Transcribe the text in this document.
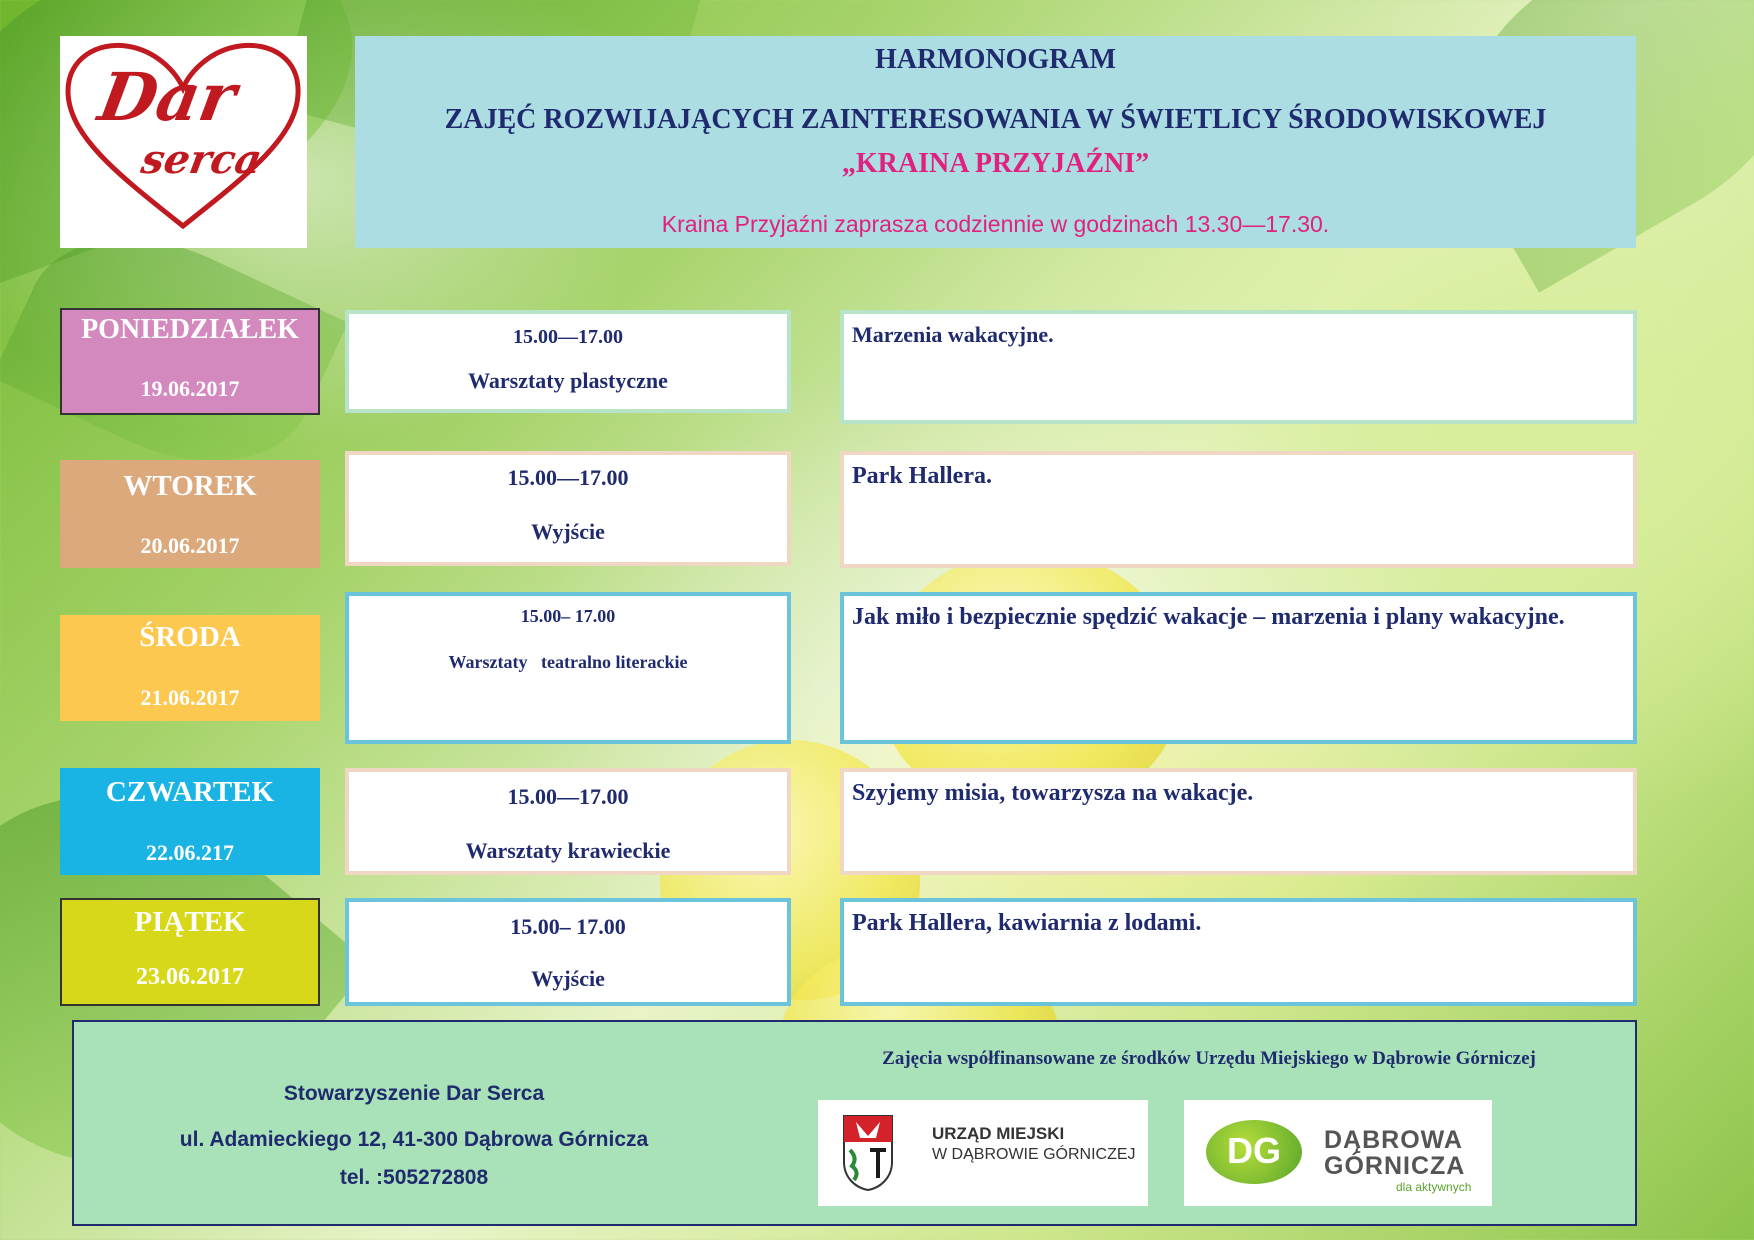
Dar
serca
HARMONOGRAM
ZAJĘĆ ROZWIJAJĄCYCH ZAINTERESOWANIA W ŚWIETLICY ŚRODOWISKOWEJ
„KRAINA PRZYJAŹNI”
Kraina Przyjaźni zaprasza codziennie w godzinach 13.30—17.30.
PONIEDZIAŁEK
19.06.2017
15.00—17.00
Warsztaty plastyczne
Marzenia wakacyjne.
WTOREK
20.06.2017
15.00—17.00
Wyjście
Park Hallera.
ŚRODA
21.06.2017
15.00– 17.00
Warsztaty   teatralno literackie
Jak miło i bezpiecznie spędzić wakacje – marzenia i plany wakacyjne.
CZWARTEK
22.06.217
15.00—17.00
Warsztaty krawieckie
Szyjemy misia, towarzysza na wakacje.
PIĄTEK
23.06.2017
15.00– 17.00
Wyjście
Park Hallera, kawiarnia z lodami.
Stowarzyszenie Dar Serca
ul. Adamieckiego 12, 41-300 Dąbrowa Górnicza
tel. :505272808
Zajęcia współfinansowane ze środków Urzędu Miejskiego w Dąbrowie Górniczej
URZĄD MIEJSKI
W DĄBROWIE GÓRNICZEJ	DG	DĄBROWA
GÓRNICZA
dla aktywnych
